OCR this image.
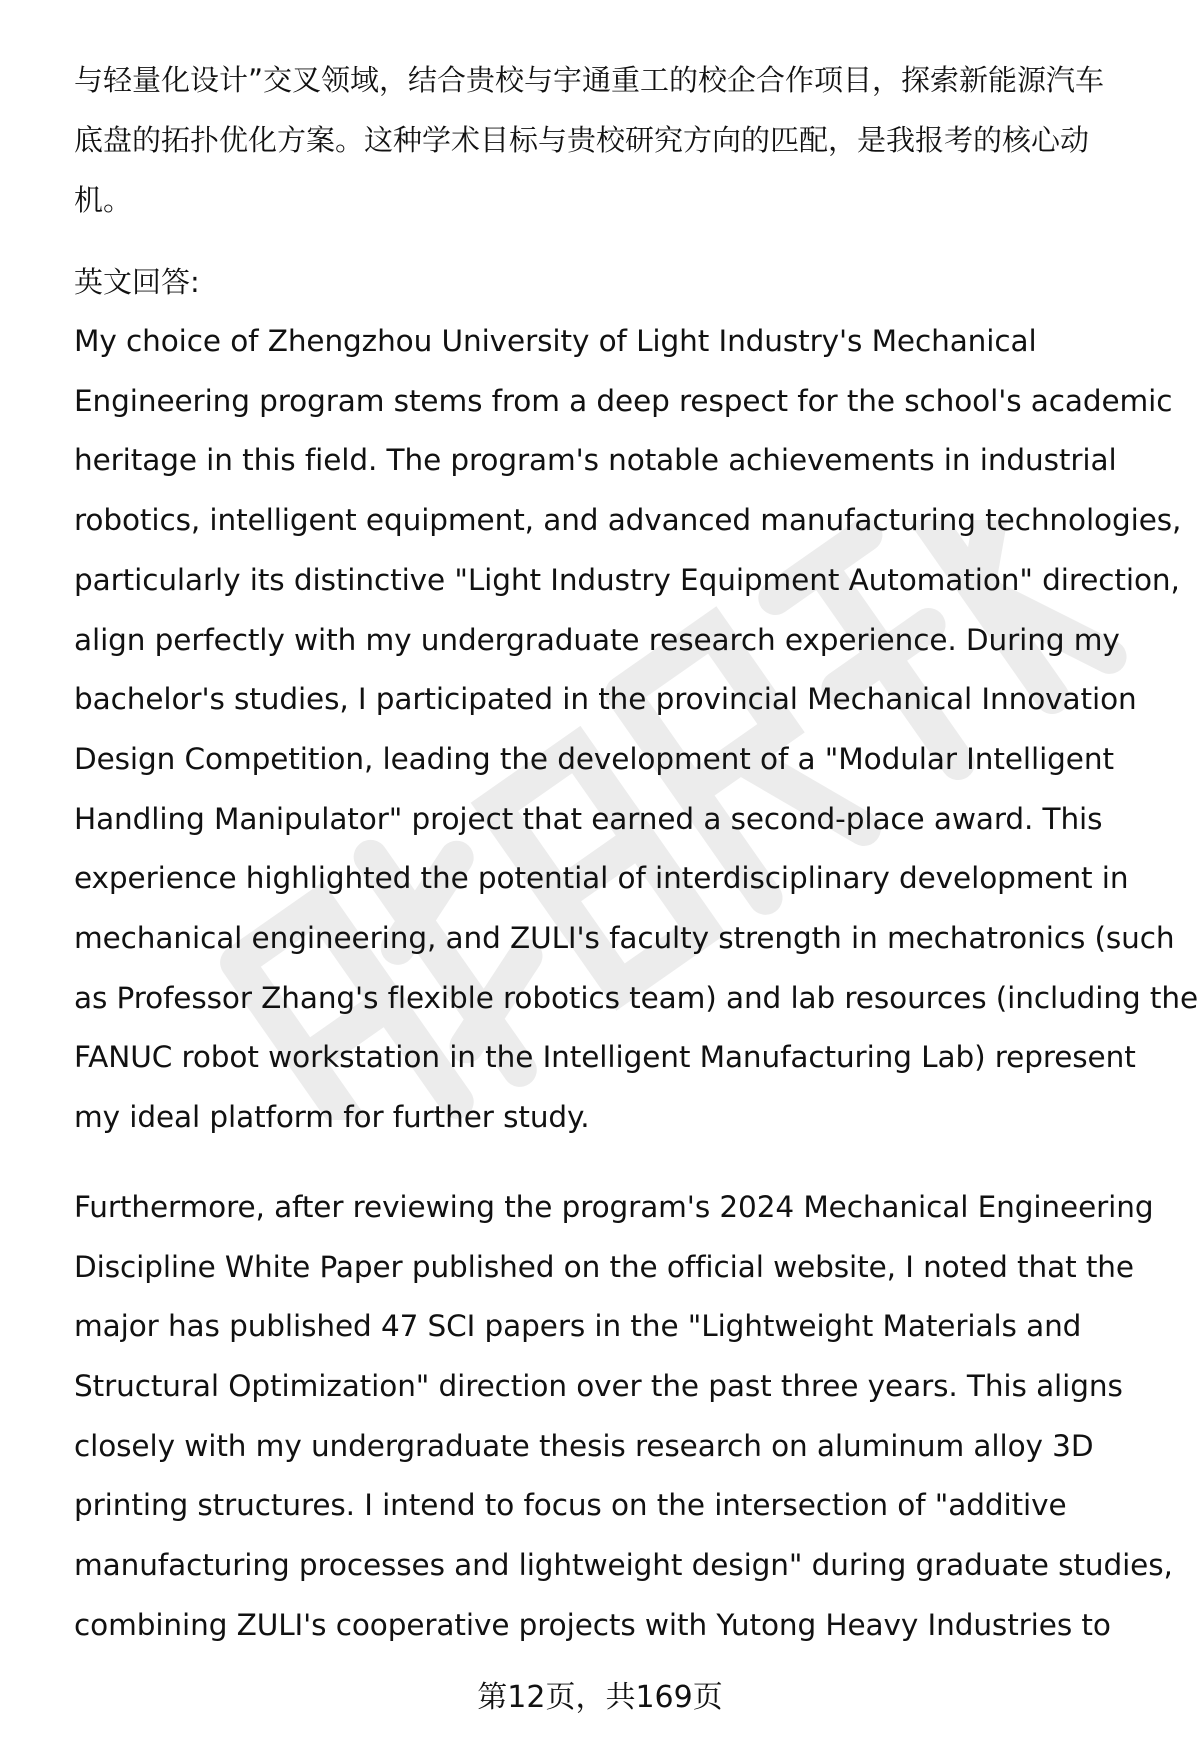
与轻量化设计”交叉领域，结合贵校与宇通重工的校企合作项目，探索新能源汽车
底盘的拓扑优化方案。这种学术目标与贵校研究方向的匹配，是我报考的核心动
机。

英文回答:

My choice of Zhengzhou University of Light Industry's Mechanical
Engineering program stems from a deep respect for the school's academic
heritage in this field. The program's notable achievements in industrial
robotics, intelligent equipment, and advanced manufacturing technologies,
particularly its distinctive "Light Industry Equipment Automation" direction,
align perfectly with my undergraduate research experience. During my
bachelor's studies, I participated in the provincial Mechanical Innovation
Design Competition, leading the development of a "Modular Intelligent
Handling Manipulator" project that earned a second-place award. This
experience highlighted the potential of interdisciplinary development in
mechanical engineering, and ZULI's faculty strength in mechatronics (such
as Professor Zhang's flexible robotics team) and lab resources (including the
FANUC robot workstation in the Intelligent Manufacturing Lab) represent
my ideal platform for further study.

Furthermore, after reviewing the program's 2024 Mechanical Engineering
Discipline White Paper published on the official website, I noted that the
major has published 47 SCI papers in the "Lightweight Materials and
Structural Optimization" direction over the past three years. This aligns
closely with my undergraduate thesis research on aluminum alloy 3D
printing structures. I intend to focus on the intersection of "additive
manufacturing processes and lightweight design" during graduate studies,
combining ZULI's cooperative projects with Yutong Heavy Industries to

第12页，共169页
